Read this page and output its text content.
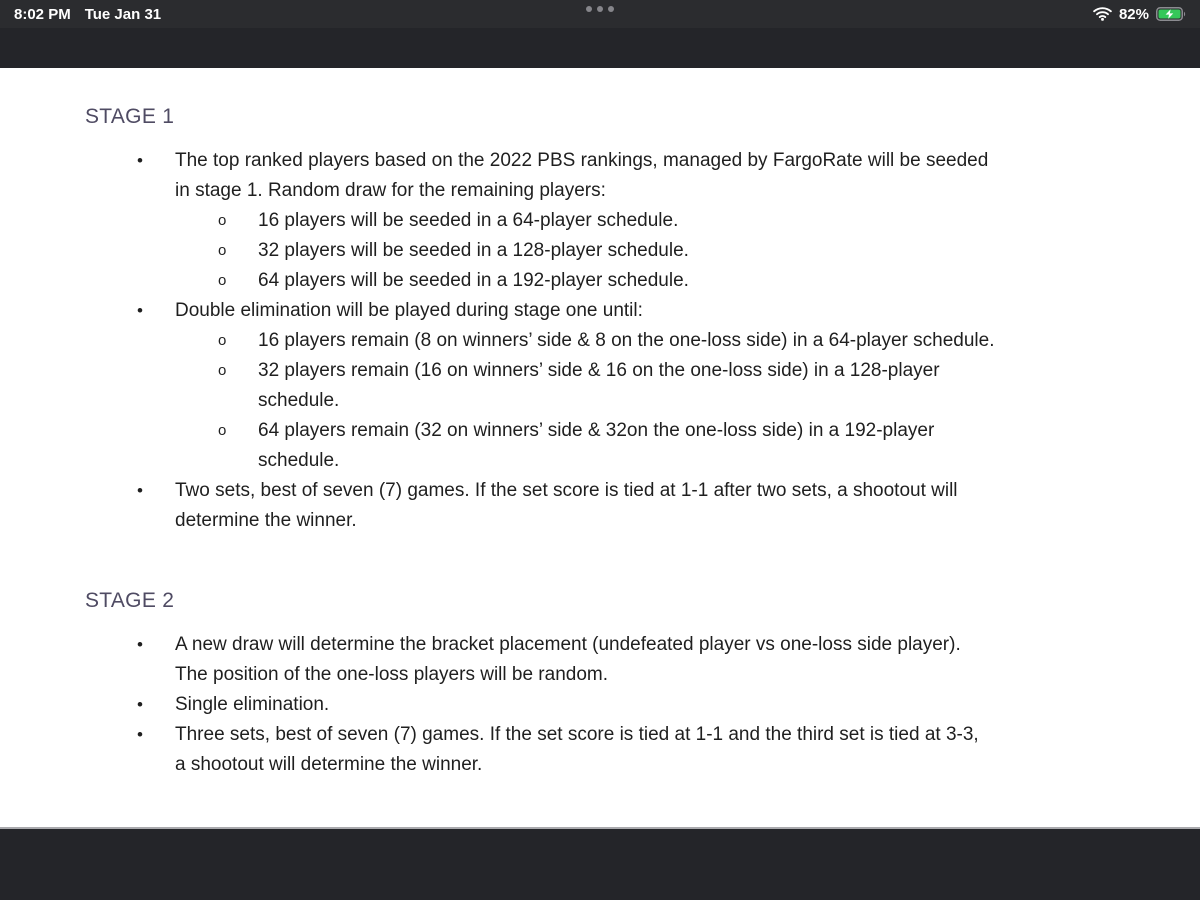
8:02 PM Tue Jan 31	82%
STAGE 1
•	The top ranked players based on the 2022 PBS rankings, managed by FargoRate will be seeded
in stage 1. Random draw for the remaining players:
o	16 players will be seeded in a 64-player schedule.
o	32 players will be seeded in a 128-player schedule.
o	64 players will be seeded in a 192-player schedule.
•	Double elimination will be played during stage one until:
o	16 players remain (8 on winners’ side & 8 on the one-loss side) in a 64-player schedule.
o	32 players remain (16 on winners’ side & 16 on the one-loss side) in a 128-player
schedule.
o	64 players remain (32 on winners’ side & 32on the one-loss side) in a 192-player
schedule.
•	Two sets, best of seven (7) games. If the set score is tied at 1-1 after two sets, a shootout will
determine the winner.
STAGE 2
•	A new draw will determine the bracket placement (undefeated player vs one-loss side player).
The position of the one-loss players will be random.
•	Single elimination.
•	Three sets, best of seven (7) games. If the set score is tied at 1-1 and the third set is tied at 3-3,
a shootout will determine the winner.
